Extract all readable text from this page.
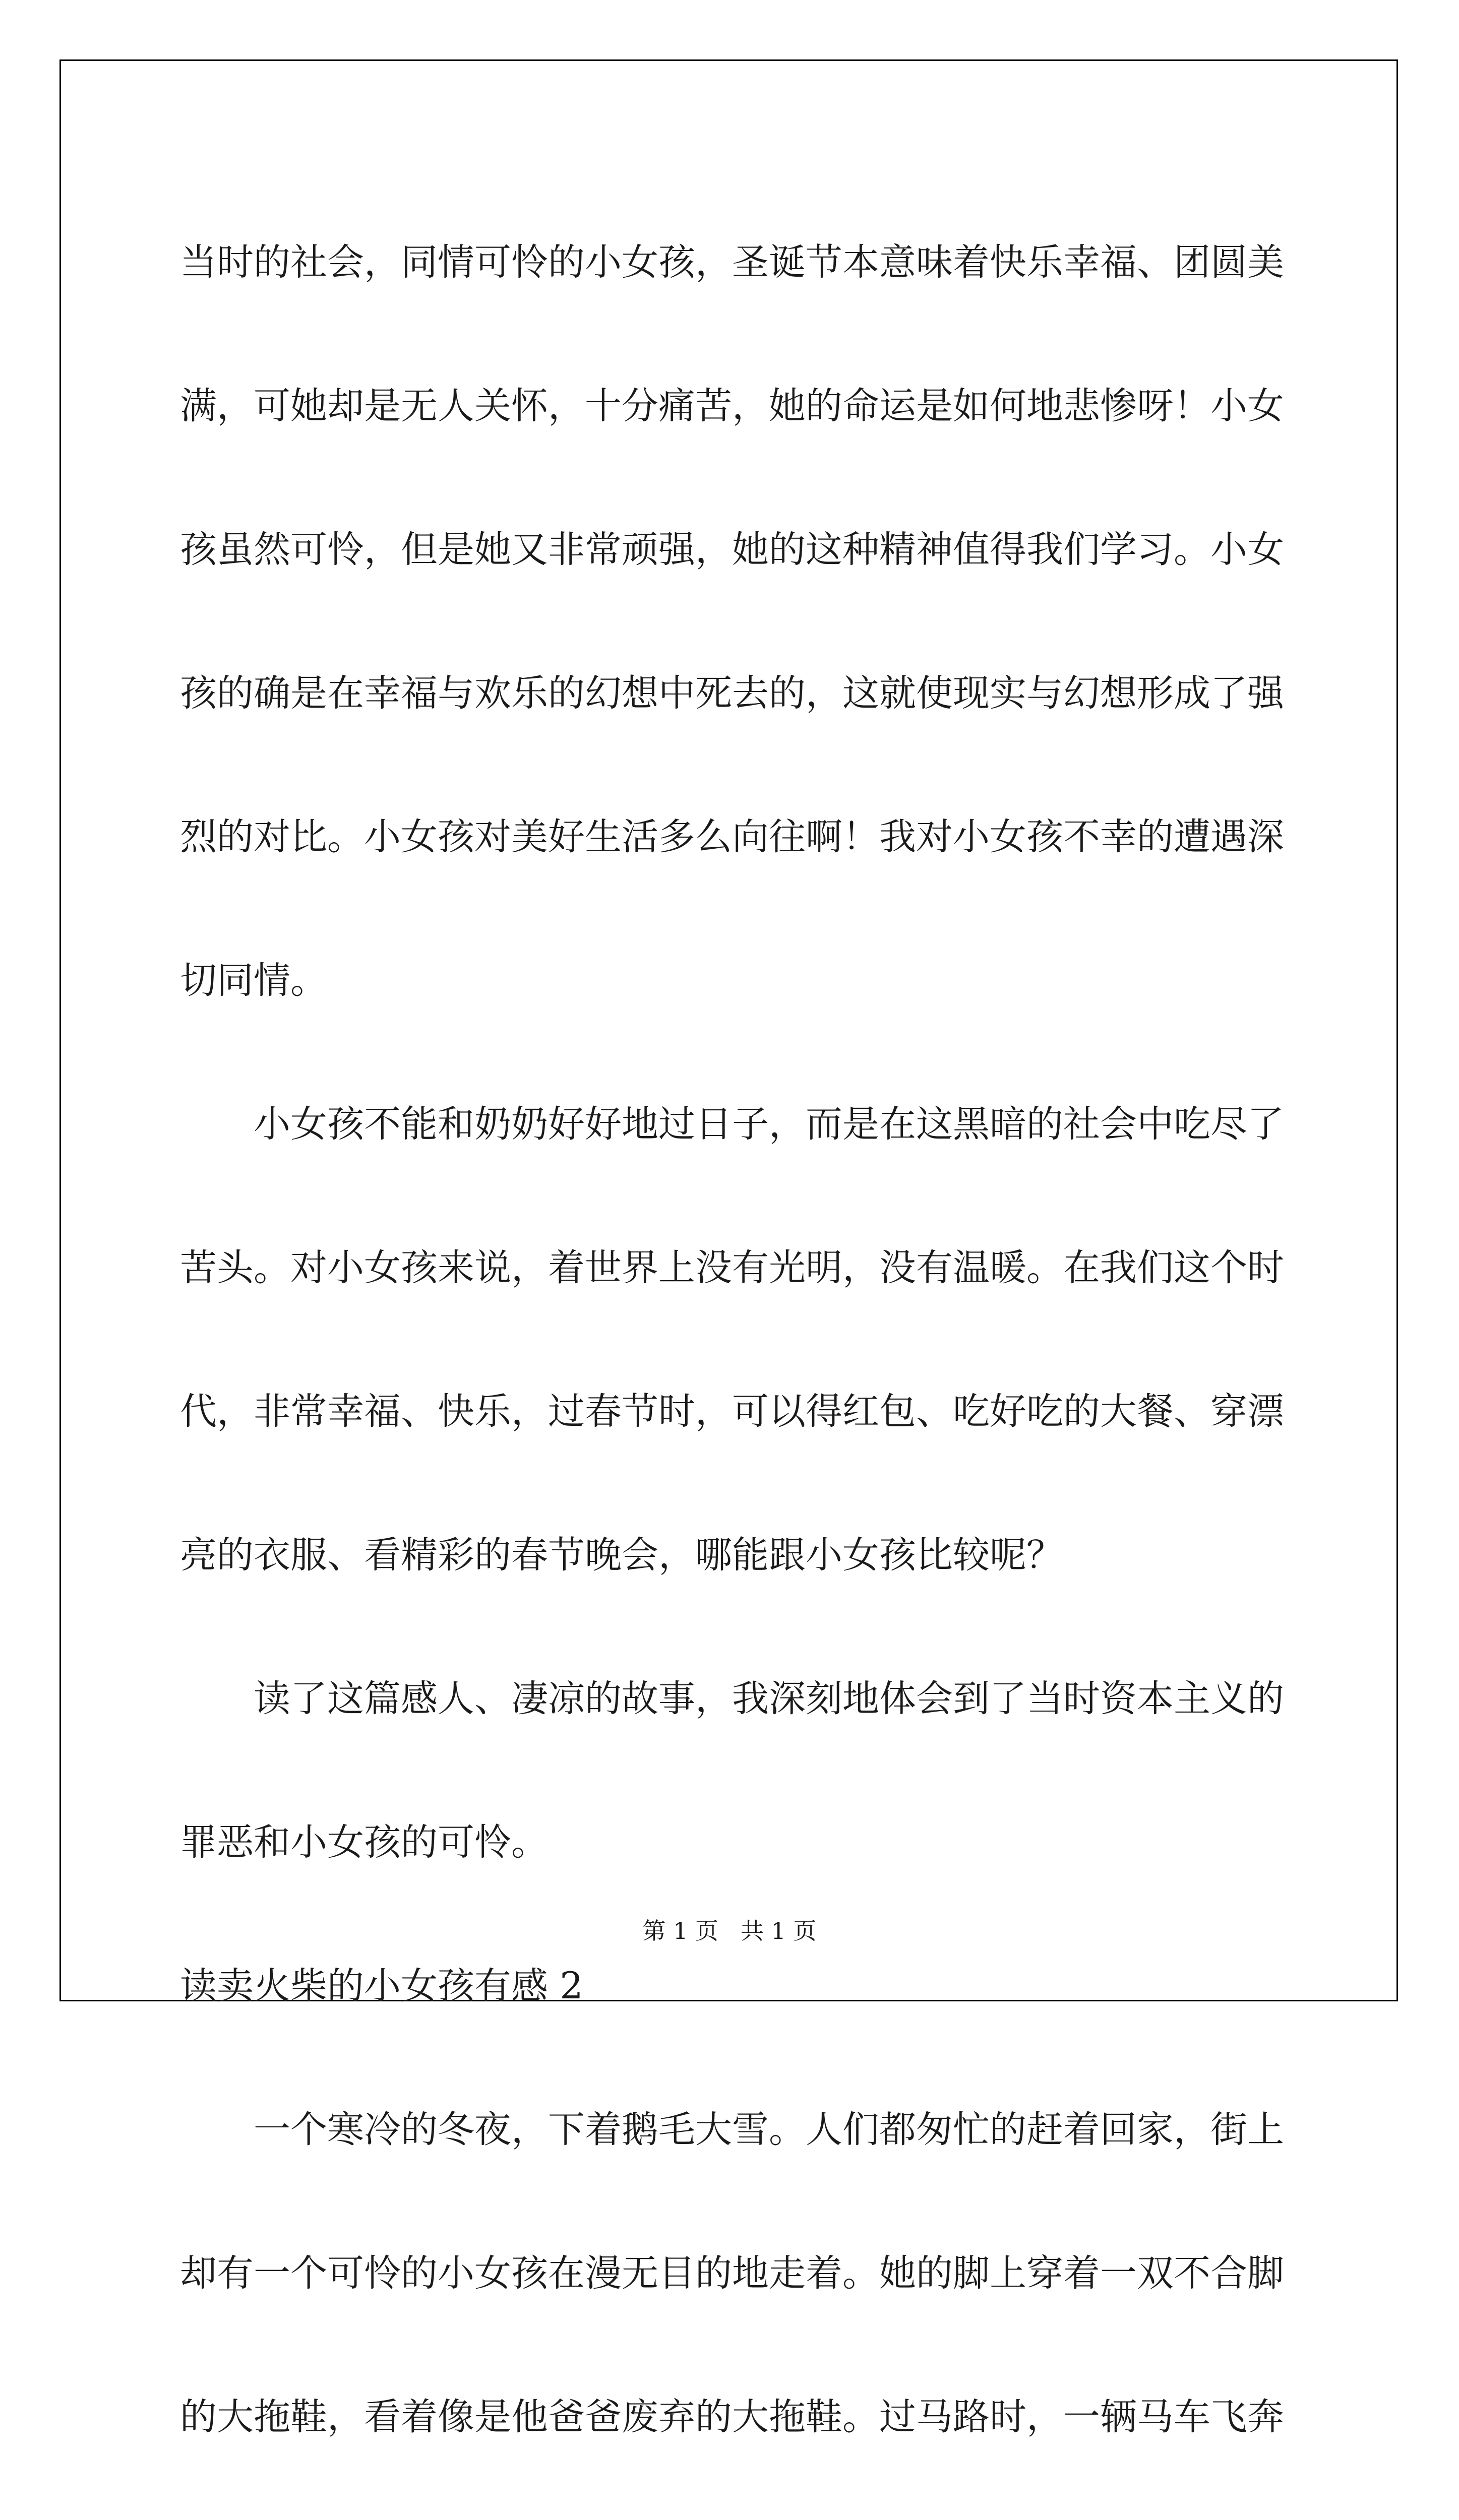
当时的社会，同情可怜的小女孩，圣诞节本意味着快乐幸福、团圆美满，可她却是无人关怀，十分痛苦，她的命运是如何地悲惨呀！小女孩虽然可怜，但是她又非常顽强，她的这种精神值得我们学习。小女孩的确是在幸福与欢乐的幻想中死去的，这就使现实与幻想形成了强烈的对比。小女孩对美好生活多么向往啊！我对小女孩不幸的遭遇深切同情。

小女孩不能和奶奶好好地过日子，而是在这黑暗的社会中吃尽了苦头。对小女孩来说，着世界上没有光明，没有温暖。在我们这个时代，非常幸福、快乐，过春节时，可以得红包、吃好吃的大餐、穿漂亮的衣服、看精彩的春节晚会，哪能跟小女孩比较呢？

读了这篇感人、凄凉的故事，我深刻地体会到了当时资本主义的罪恶和小女孩的可怜。

读卖火柴的小女孩有感 2

一个寒冷的冬夜，下着鹅毛大雪。人们都匆忙的赶着回家，街上却有一个可怜的小女孩在漫无目的地走着。她的脚上穿着一双不合脚的大拖鞋，看着像是他爸爸废弃的大拖鞋。过马路时，一辆马车飞奔

第 1 页 共 1 页
